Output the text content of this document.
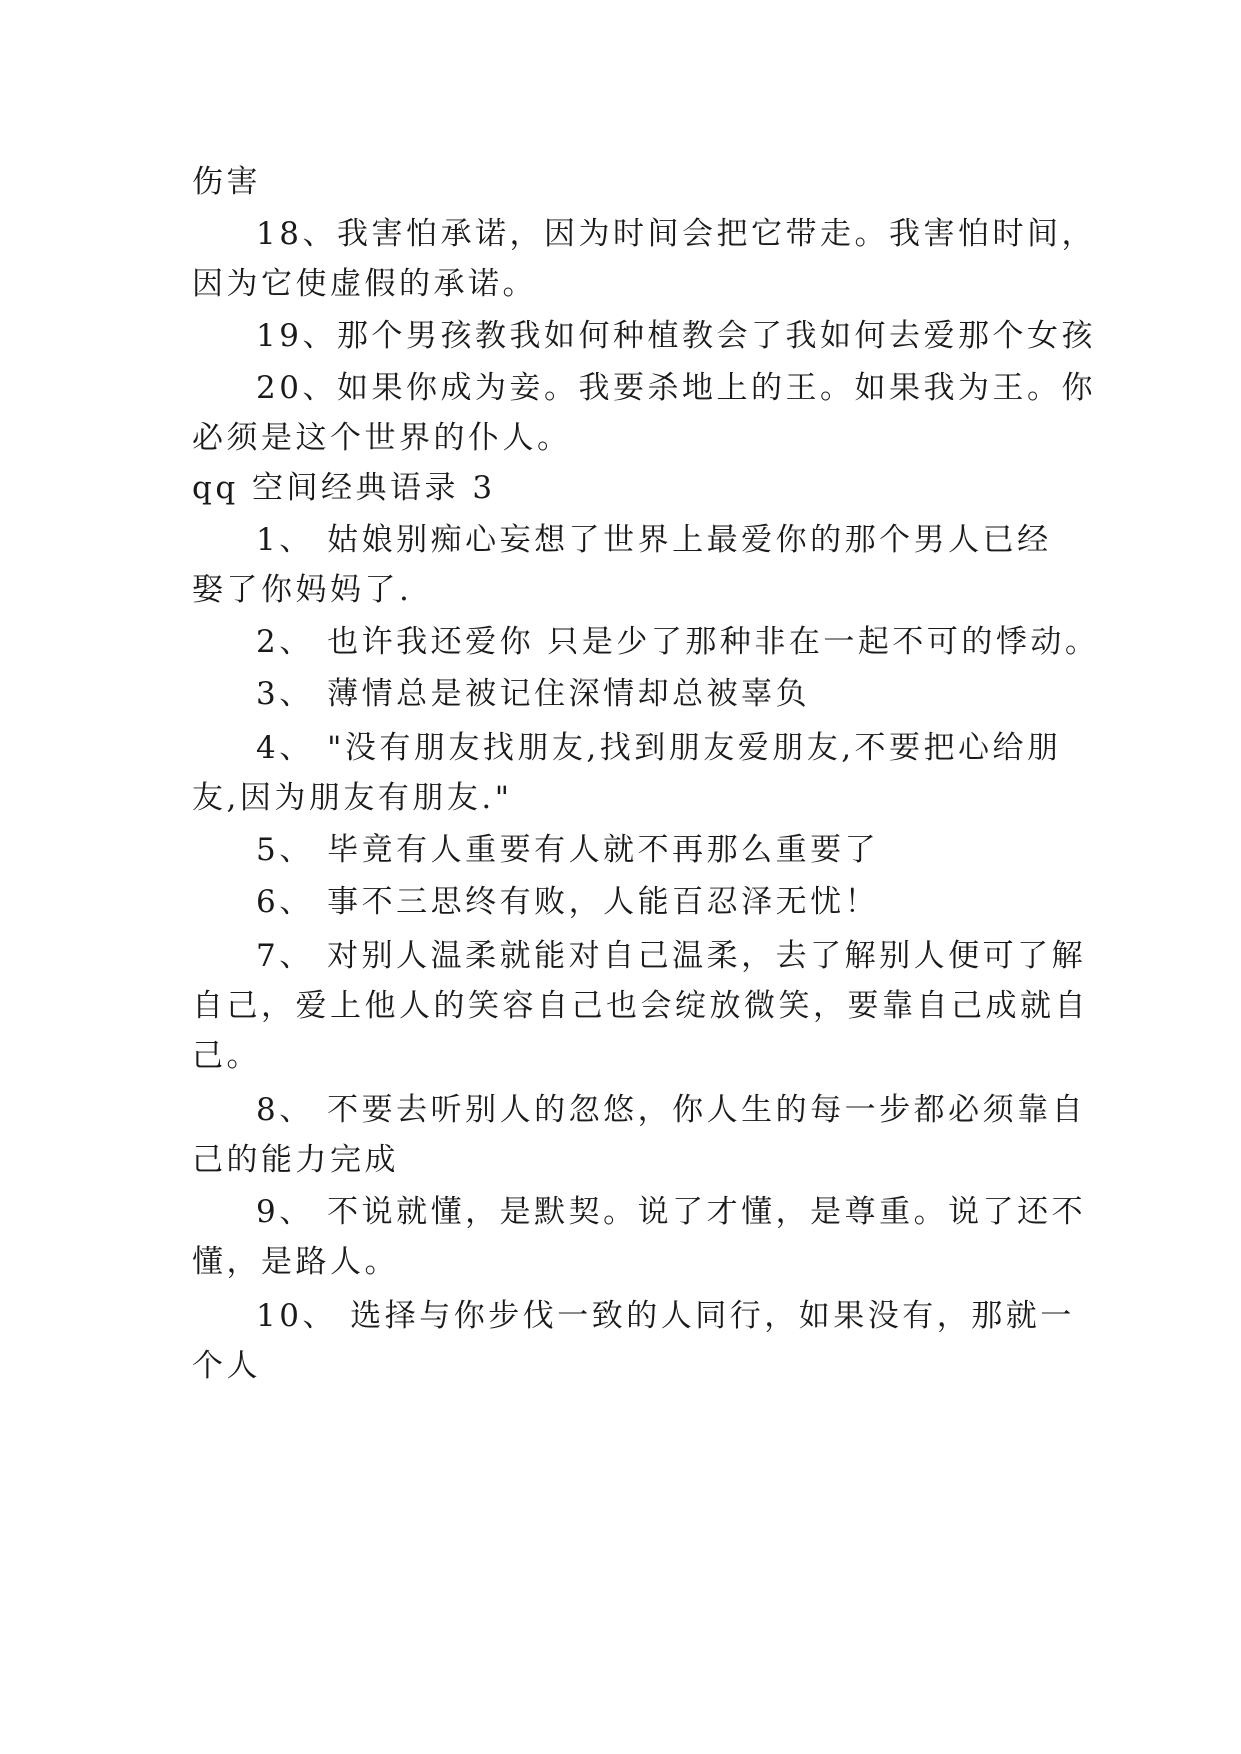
伤害
18、我害怕承诺，因为时间会把它带走。我害怕时间，
因为它使虚假的承诺。
19、那个男孩教我如何种植教会了我如何去爱那个女孩
20、如果你成为妾。我要杀地上的王。如果我为王。你
必须是这个世界的仆人。
qq 空间经典语录 3
1、 姑娘别痴心妄想了世界上最爱你的那个男人已经
娶了你妈妈了.
2、 也许我还爱你 只是少了那种非在一起不可的悸动。
3、 薄情总是被记住深情却总被辜负
4、 "没有朋友找朋友,找到朋友爱朋友,不要把心给朋
友,因为朋友有朋友."
5、 毕竟有人重要有人就不再那么重要了
6、 事不三思终有败，人能百忍泽无忧！
7、 对别人温柔就能对自己温柔，去了解别人便可了解
自己，爱上他人的笑容自己也会绽放微笑，要靠自己成就自
己。
8、 不要去听别人的忽悠，你人生的每一步都必须靠自
己的能力完成
9、 不说就懂，是默契。说了才懂，是尊重。说了还不
懂，是路人。
10、 选择与你步伐一致的人同行，如果没有，那就一
个人
